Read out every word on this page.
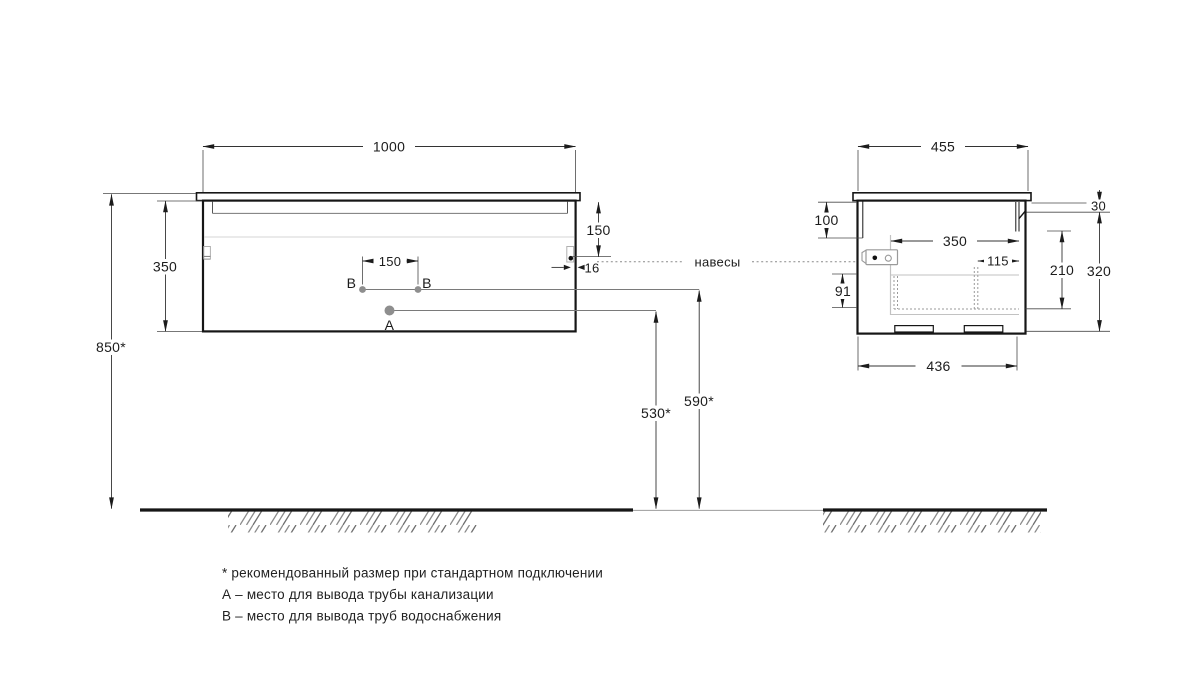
B	B
A
1000
850*
350
150
16
150
590*
530*
навесы
455
100
91
350
115
210
30
320
436
* рекомендованный размер при стандартном подключении
А – место для вывода трубы канализации
В – место для вывода труб водоснабжения
